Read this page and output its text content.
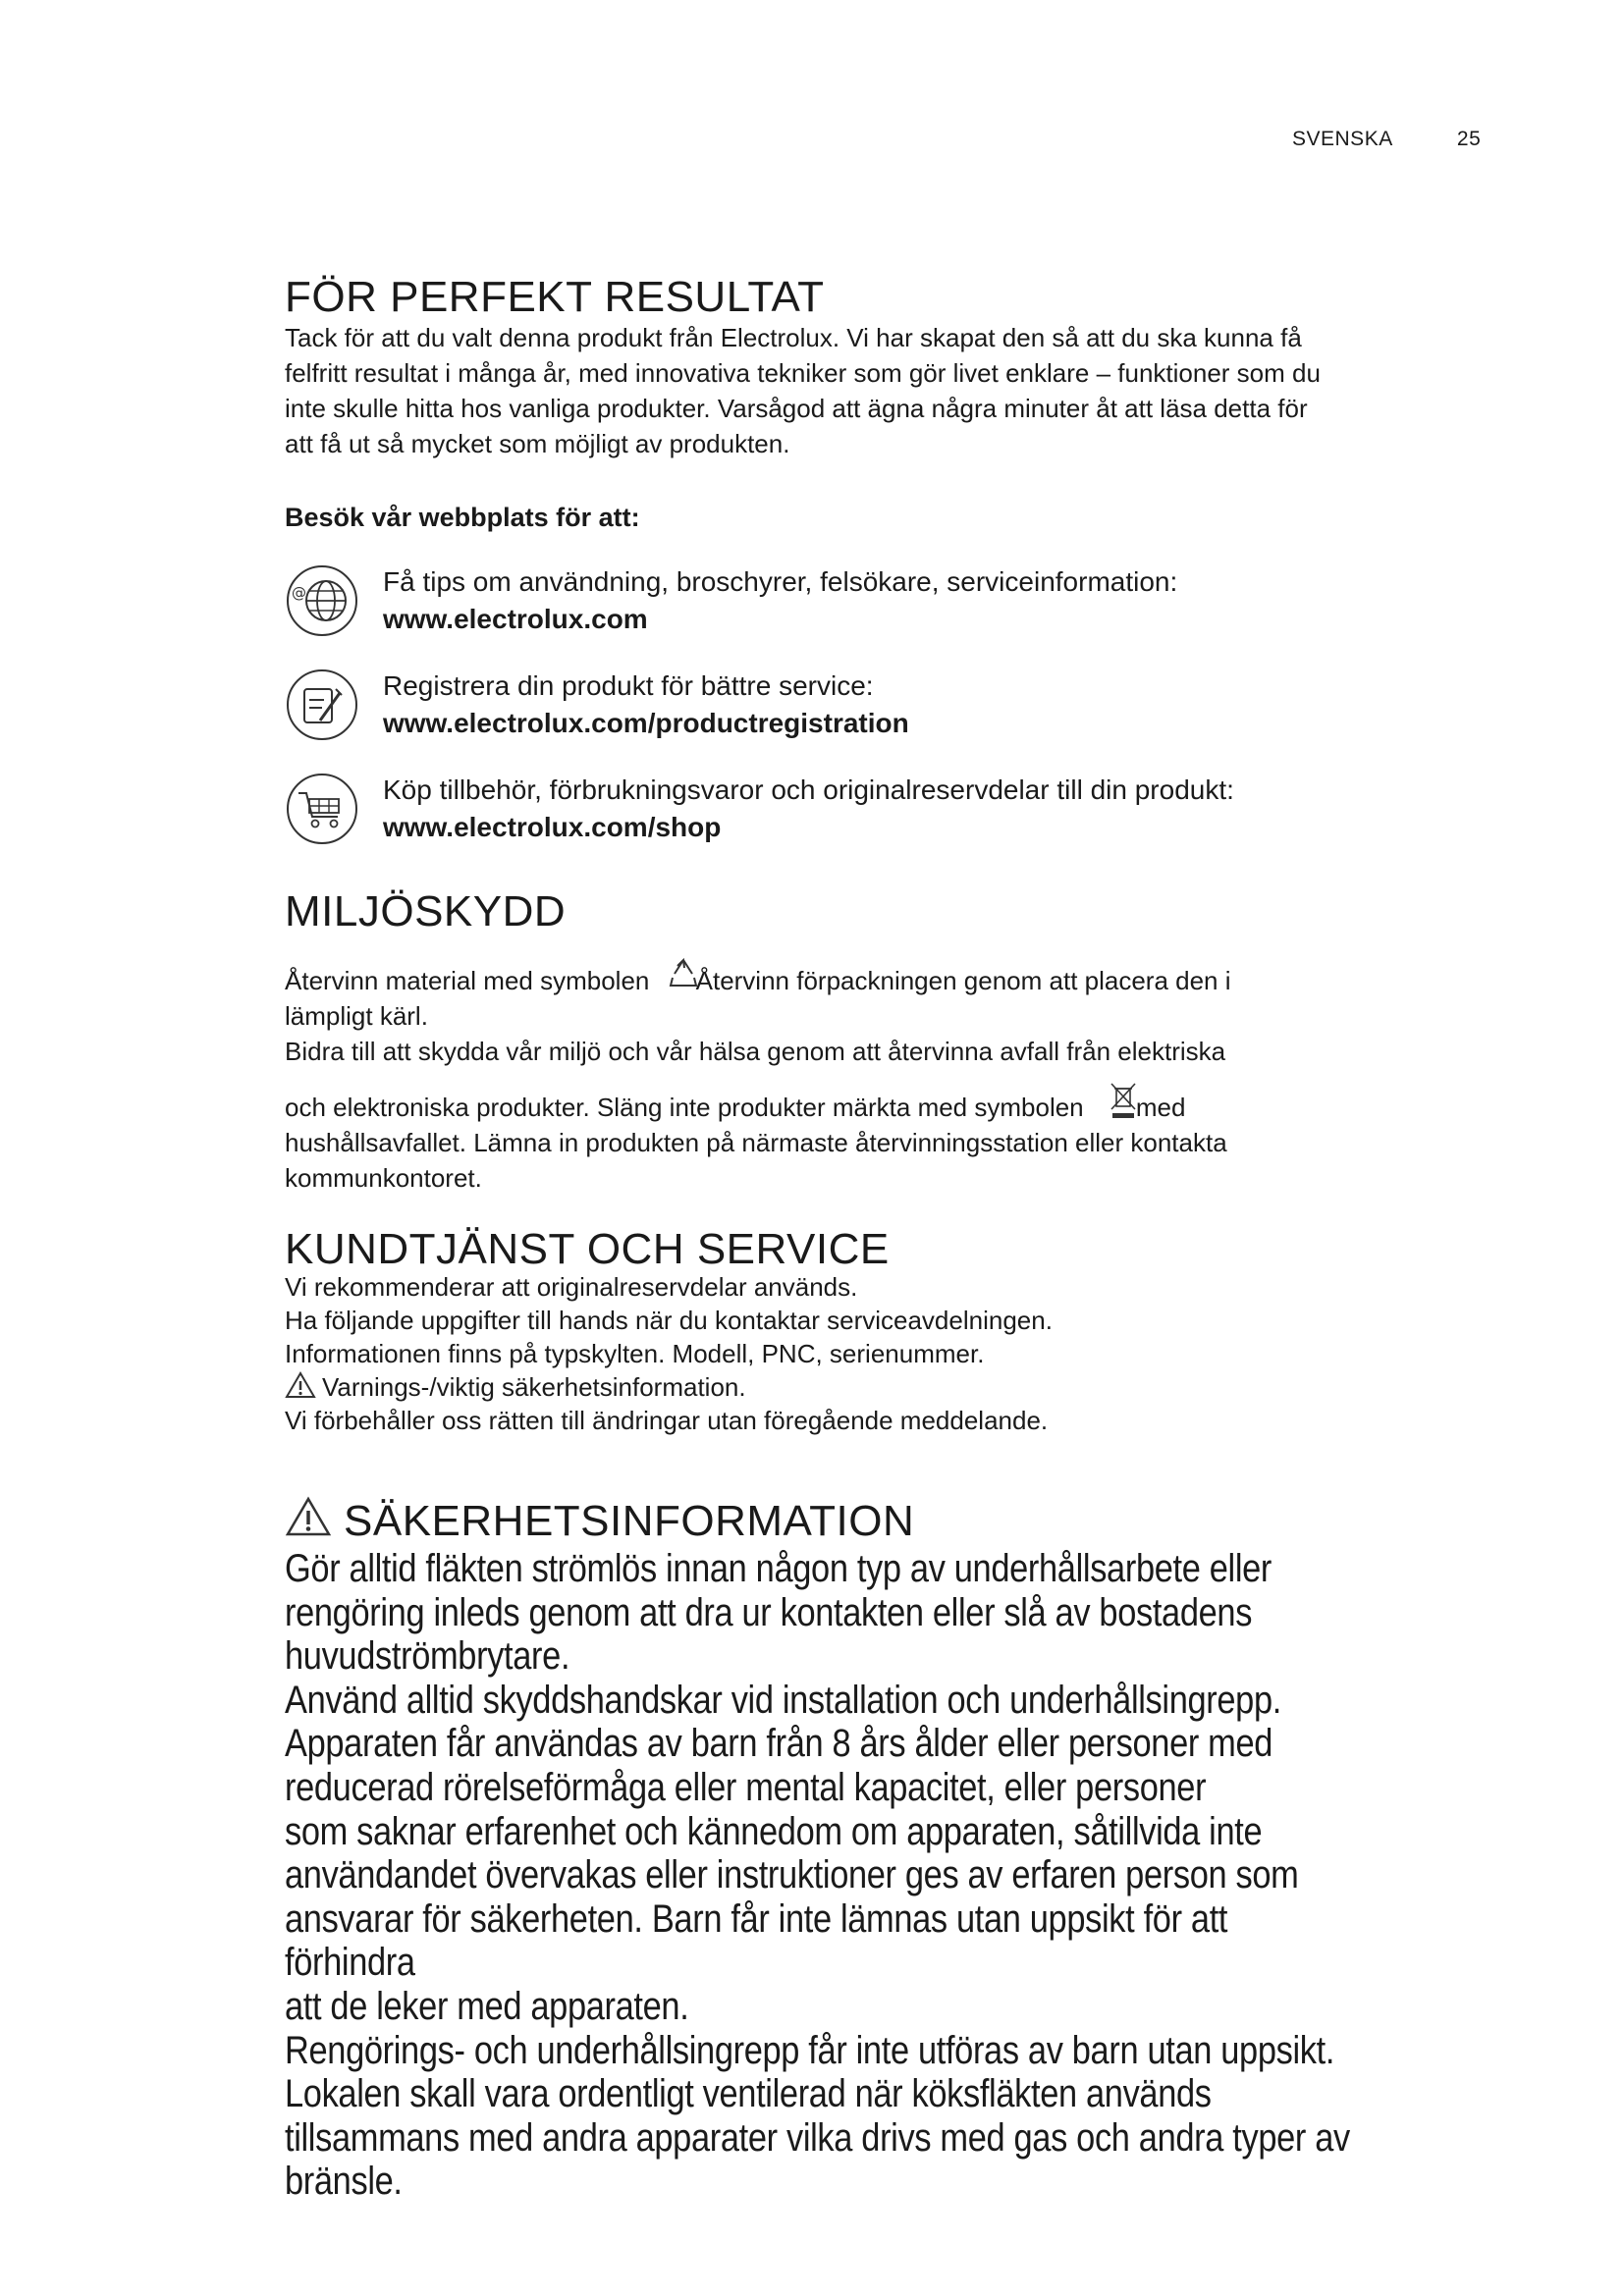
SVENSKA	25
FÖR PERFEKT RESULTAT

Tack för att du valt denna produkt från Electrolux. Vi har skapat den så att du ska kunna få

felfritt resultat i många år, med innovativa tekniker som gör livet enklare – funktioner som du

inte skulle hitta hos vanliga produkter. Varsågod att ägna några minuter åt att läsa detta för

att få ut så mycket som möjligt av produkten.

Besök vår webbplats för att:
@	Få tips om användning, broschyrer, felsökare, serviceinformation:
www.electrolux.com
Registrera din produkt för bättre service:
www.electrolux.com/productregistration
Köp tillbehör, förbrukningsvaror och originalreservdelar till din produkt:
www.electrolux.com/shop
MILJÖSKYDD

Återvinn material med symbolen Återvinn förpackningen genom att placera den i

lämpligt kärl.

Bidra till att skydda vår miljö och vår hälsa genom att återvinna avfall från elektriska

och elektroniska produkter. Släng inte produkter märkta med symbolen med

hushållsavfallet. Lämna in produkten på närmaste återvinningsstation eller kontakta

kommunkontoret.

KUNDTJÄNST OCH SERVICE

Vi rekommenderar att originalreservdelar används.

Ha följande uppgifter till hands när du kontaktar serviceavdelningen.

Informationen finns på typskylten. Modell, PNC, serienummer.

Varnings-/viktig säkerhetsinformation.

Vi förbehåller oss rätten till ändringar utan föregående meddelande.

SÄKERHETSINFORMATION
Gör alltid fläkten strömlös innan någon typ av underhållsarbete eller
rengöring inleds genom att dra ur kontakten eller slå av bostadens
huvudströmbrytare.
Använd alltid skyddshandskar vid installation och underhållsingrepp.
Apparaten får användas av barn från 8 års ålder eller personer med
reducerad rörelseförmåga eller mental kapacitet, eller personer
som saknar erfarenhet och kännedom om apparaten, såtillvida inte
användandet övervakas eller instruktioner ges av erfaren person som
ansvarar för säkerheten. Barn får inte lämnas utan uppsikt för att förhindra
att de leker med apparaten.
Rengörings- och underhållsingrepp får inte utföras av barn utan uppsikt.
Lokalen skall vara ordentligt ventilerad när köksfläkten används
tillsammans med andra apparater vilka drivs med gas och andra typer av
bränsle.
